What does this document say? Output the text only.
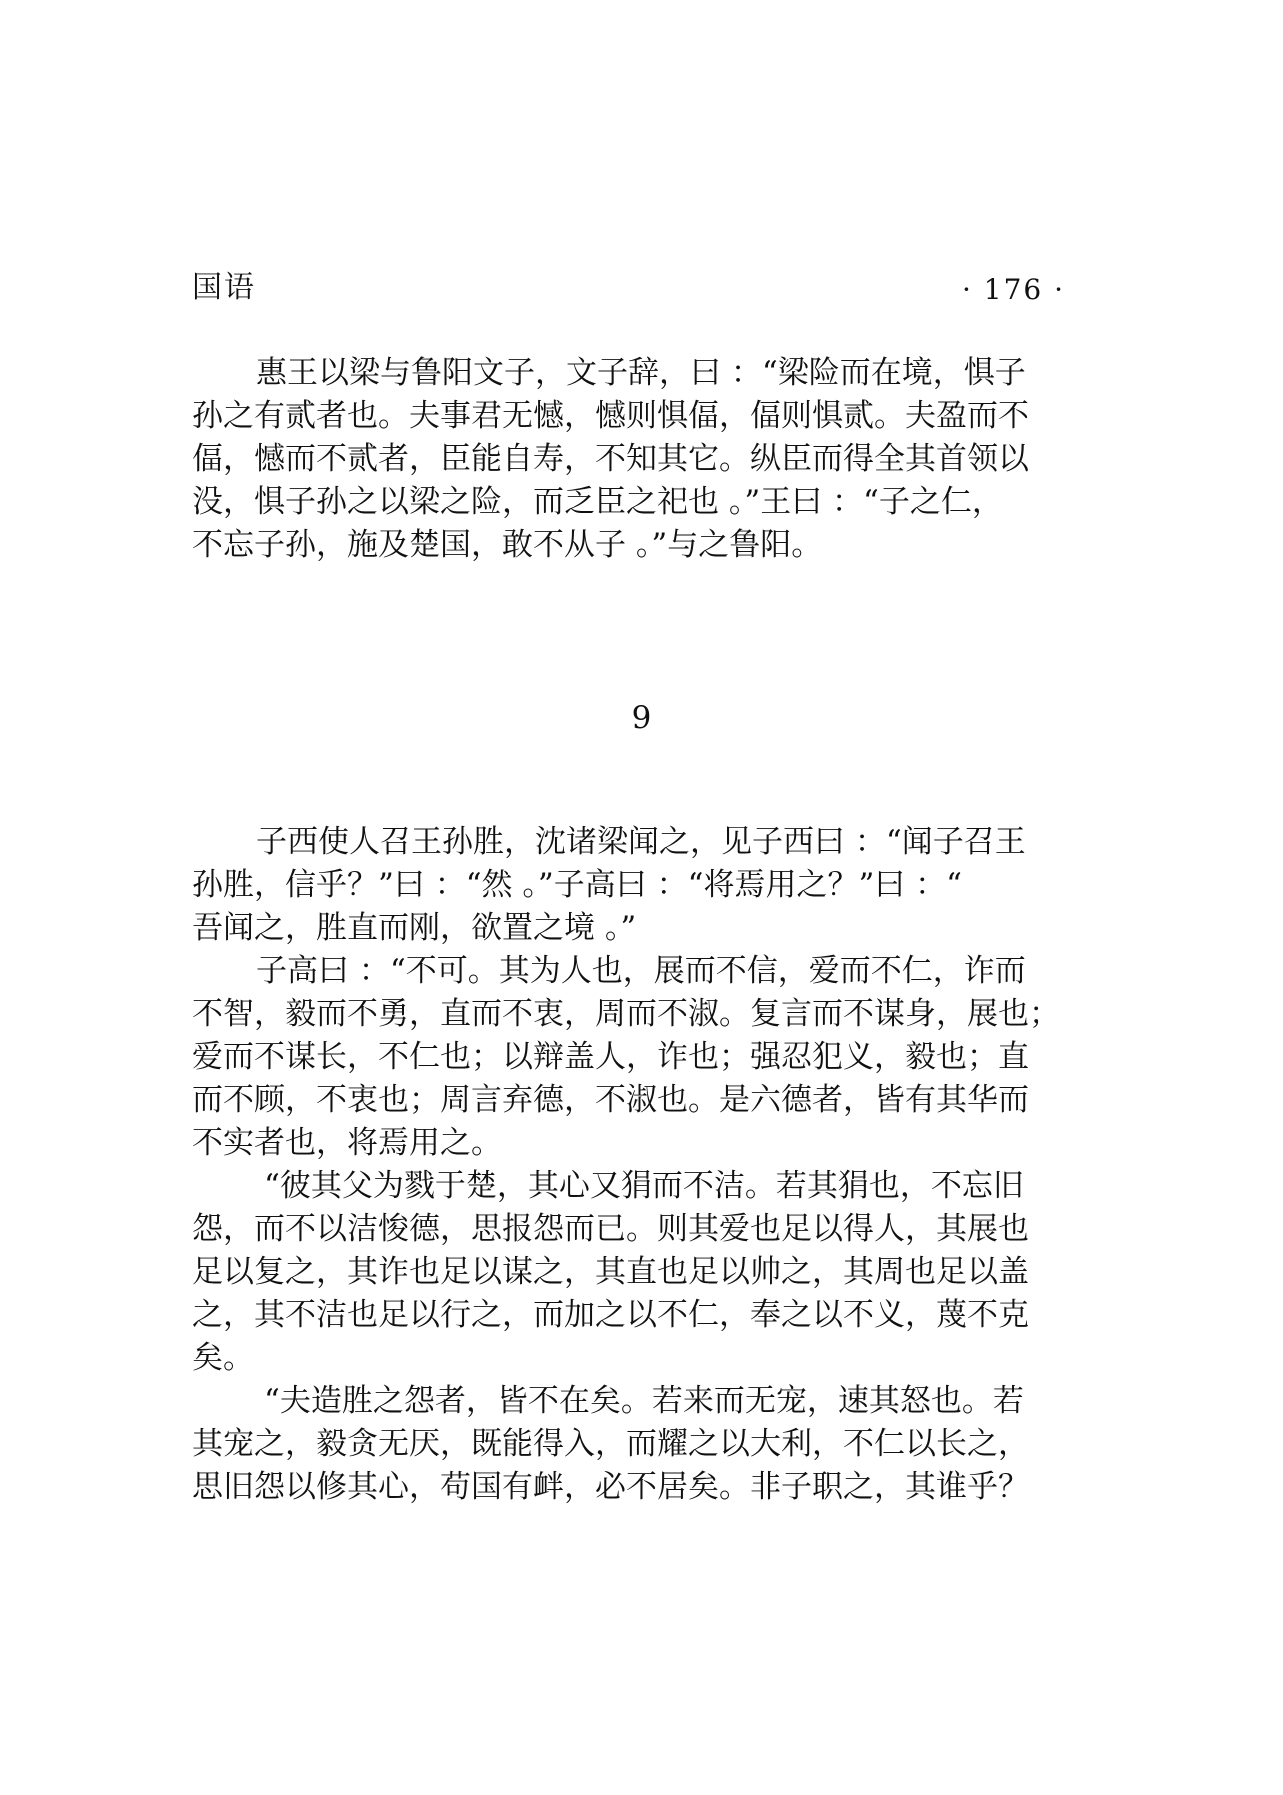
国语	· 176 ·
惠王以梁与鲁阳文子，文子辞，曰 ：“梁险而在境，惧子
孙之有贰者也。夫事君无憾，憾则惧偪，偪则惧贰。夫盈而不
偪，憾而不贰者，臣能自寿，不知其它。纵臣而得全其首领以
没，惧子孙之以梁之险，而乏臣之祀也 。”王曰 ：“子之仁，
不忘子孙，施及楚国，敢不从子 。”与之鲁阳。
9
子西使人召王孙胜，沈诸梁闻之，见子西曰 ：“闻子召王
孙胜，信乎？”曰 ：“然 。”子高曰 ：“将焉用之？”曰 ：“
吾闻之，胜直而刚，欲置之境 。”
子高曰 ：“不可。其为人也，展而不信，爱而不仁，诈而
不智，毅而不勇，直而不衷，周而不淑。复言而不谋身，展也；
爱而不谋长，不仁也；以辩盖人，诈也；强忍犯义，毅也；直
而不顾，不衷也；周言弃德，不淑也。是六德者，皆有其华而
不实者也，将焉用之。
“彼其父为戮于楚，其心又狷而不洁。若其狷也，不忘旧
怨，而不以洁悛德，思报怨而已。则其爱也足以得人，其展也
足以复之，其诈也足以谋之，其直也足以帅之，其周也足以盖
之，其不洁也足以行之，而加之以不仁，奉之以不义，蔑不克
矣。
“夫造胜之怨者，皆不在矣。若来而无宠，速其怒也。若
其宠之，毅贪无厌，既能得入，而耀之以大利，不仁以长之，
思旧怨以修其心，苟国有衅，必不居矣。非子职之，其谁乎？
